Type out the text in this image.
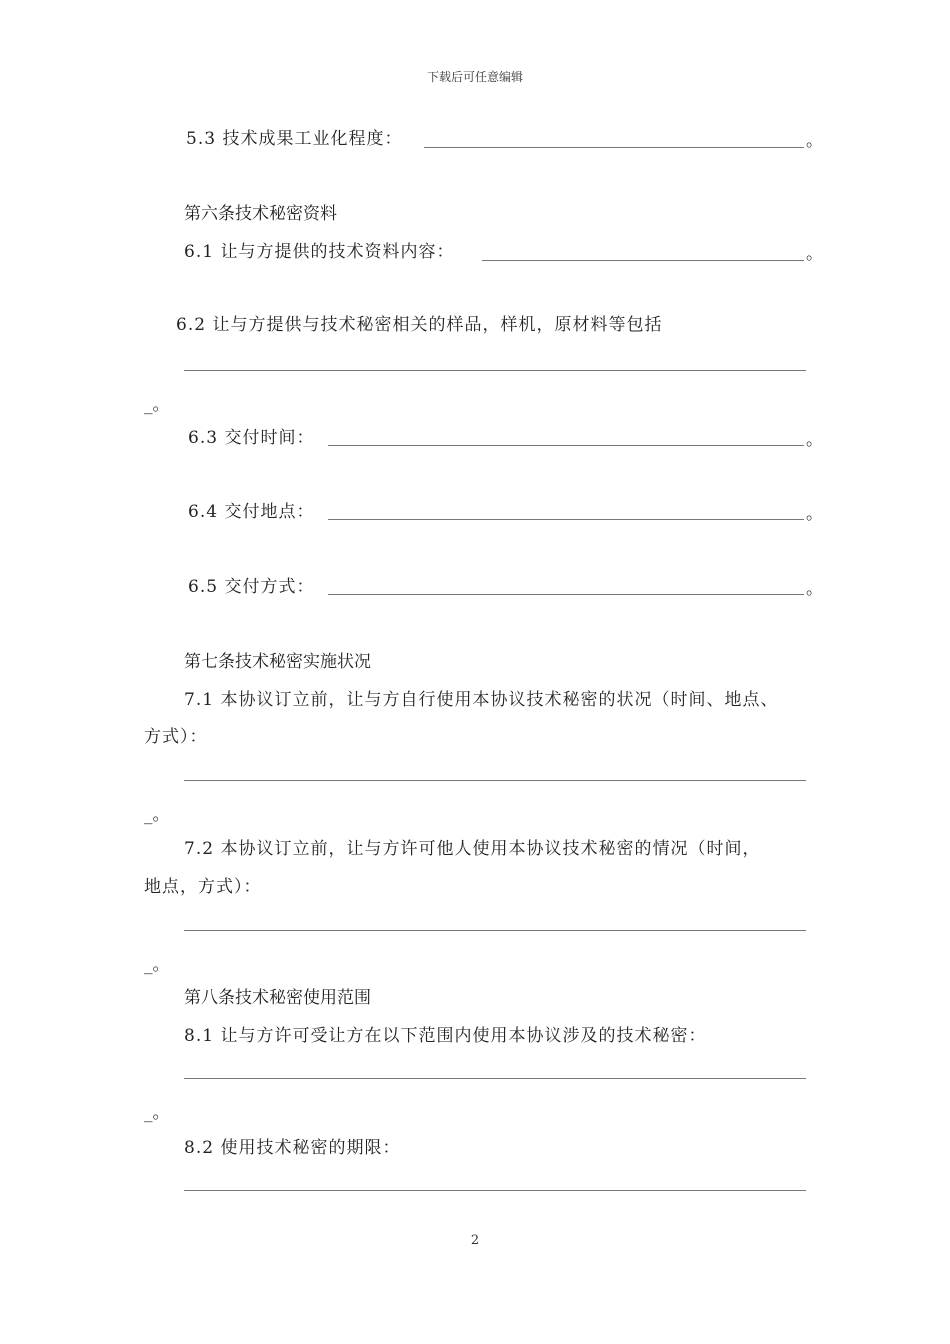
下载后可任意编辑
5.3 技术成果工业化程度：	。
第六条技术秘密资料
6.1 让与方提供的技术资料内容：	。
6.2 让与方提供与技术秘密相关的样品，样机，原材料等包括
_。
6.3 交付时间：	。
6.4 交付地点：	。
6.5 交付方式：	。
第七条技术秘密实施状况
7.1 本协议订立前，让与方自行使用本协议技术秘密的状况（时间、地点、
方式）：
_。
7.2 本协议订立前，让与方许可他人使用本协议技术秘密的情况（时间，
地点，方式）：
_。
第八条技术秘密使用范围
8.1 让与方许可受让方在以下范围内使用本协议涉及的技术秘密：
_。
8.2 使用技术秘密的期限：
2
